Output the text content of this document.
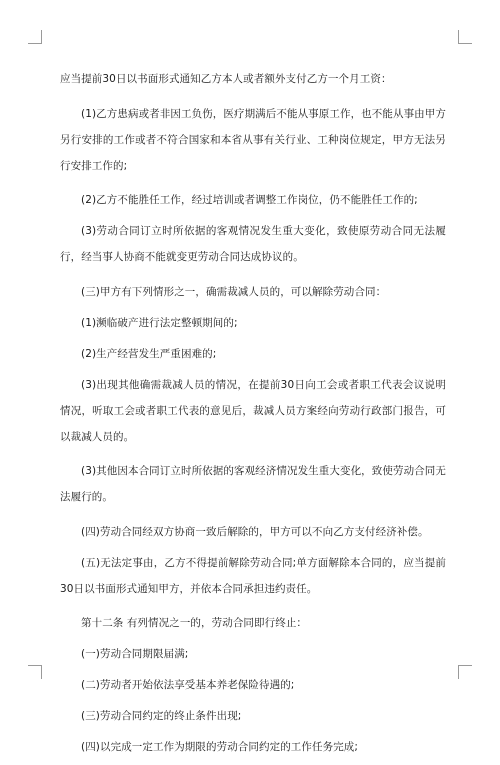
应当提前30日以书面形式通知乙方本人或者额外支付乙方一个月工资：

(1)乙方患病或者非因工负伤，医疗期满后不能从事原工作，也不能从事由甲方另行安排的工作或者不符合国家和本省从事有关行业、工种岗位规定，甲方无法另行安排工作的;

(2)乙方不能胜任工作，经过培训或者调整工作岗位，仍不能胜任工作的;

(3)劳动合同订立时所依据的客观情况发生重大变化，致使原劳动合同无法履行，经当事人协商不能就变更劳动合同达成协议的。

(三)甲方有下列情形之一，确需裁减人员的，可以解除劳动合同：

(1)濒临破产进行法定整顿期间的;

(2)生产经营发生严重困难的;

(3)出现其他确需裁减人员的情况，在提前30日向工会或者职工代表会议说明情况，听取工会或者职工代表的意见后，裁减人员方案经向劳动行政部门报告，可以裁减人员的。

(3)其他因本合同订立时所依据的客观经济情况发生重大变化，致使劳动合同无法履行的。

(四)劳动合同经双方协商一致后解除的，甲方可以不向乙方支付经济补偿。

(五)无法定事由，乙方不得提前解除劳动合同;单方面解除本合同的，应当提前30日以书面形式通知甲方，并依本合同承担违约责任。

第十二条 有列情况之一的，劳动合同即行终止：

(一)劳动合同期限届满;

(二)劳动者开始依法享受基本养老保险待遇的;

(三)劳动合同约定的终止条件出现;

(四)以完成一定工作为期限的劳动合同约定的工作任务完成;
